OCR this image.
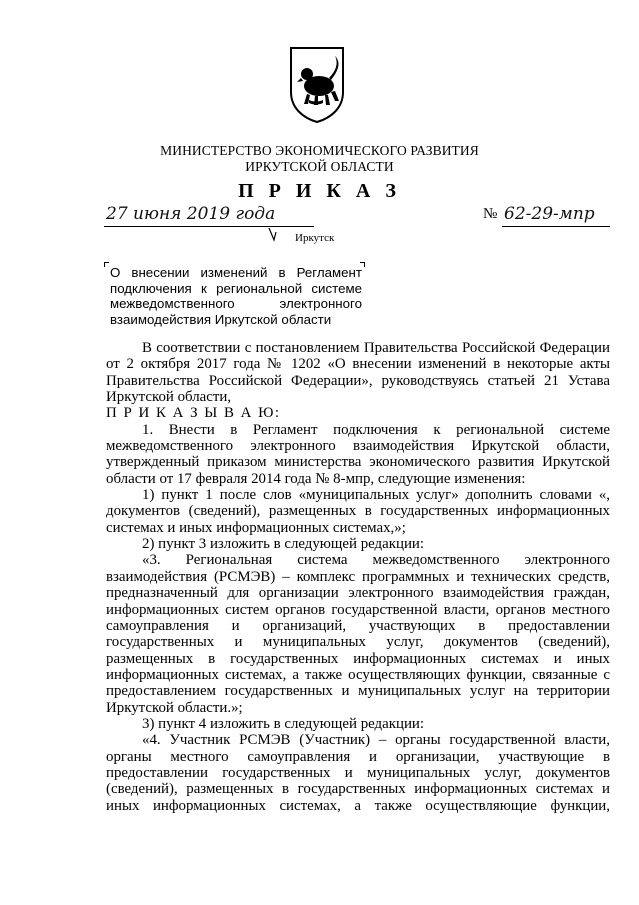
МИНИСТЕРСТВО ЭКОНОМИЧЕСКОГО РАЗВИТИЯ
ИРКУТСКОЙ ОБЛАСТИ
П Р И К А З
27 июня 2019 года	№ 62-29-мпр
Иркутск
О внесении изменений в Регламент подключения к региональной системе межведомственного электронного взаимодействия Иркутской области

В соответствии с постановлением Правительства Российской Федерации от 2 октября 2017 года № 1202 «О внесении изменений в некоторые акты Правительства Российской Федерации», руководствуясь статьей 21 Устава Иркутской области,

П Р И К А З Ы В А Ю:

1. Внести в Регламент подключения к региональной системе межведомственного электронного взаимодействия Иркутской области, утвержденный приказом министерства экономического развития Иркутской области от 17 февраля 2014 года № 8-мпр, следующие изменения:

1) пункт 1 после слов «муниципальных услуг» дополнить словами «, документов (сведений), размещенных в государственных информационных системах и иных информационных системах,»;

2) пункт 3 изложить в следующей редакции:

«3. Региональная система межведомственного электронного взаимодействия (РСМЭВ) – комплекс программных и технических средств, предназначенный для организации электронного взаимодействия граждан, информационных систем органов государственной власти, органов местного самоуправления и организаций, участвующих в предоставлении государственных и муниципальных услуг, документов (сведений), размещенных в государственных информационных системах и иных информационных системах, а также осуществляющих функции, связанные с предоставлением государственных и муниципальных услуг на территории Иркутской области.»;

3) пункт 4 изложить в следующей редакции:

«4. Участник РСМЭВ (Участник) – органы государственной власти, органы местного самоуправления и организации, участвующие в предоставлении государственных и муниципальных услуг, документов (сведений), размещенных в государственных информационных системах и иных информационных системах, а также осуществляющие функции,
